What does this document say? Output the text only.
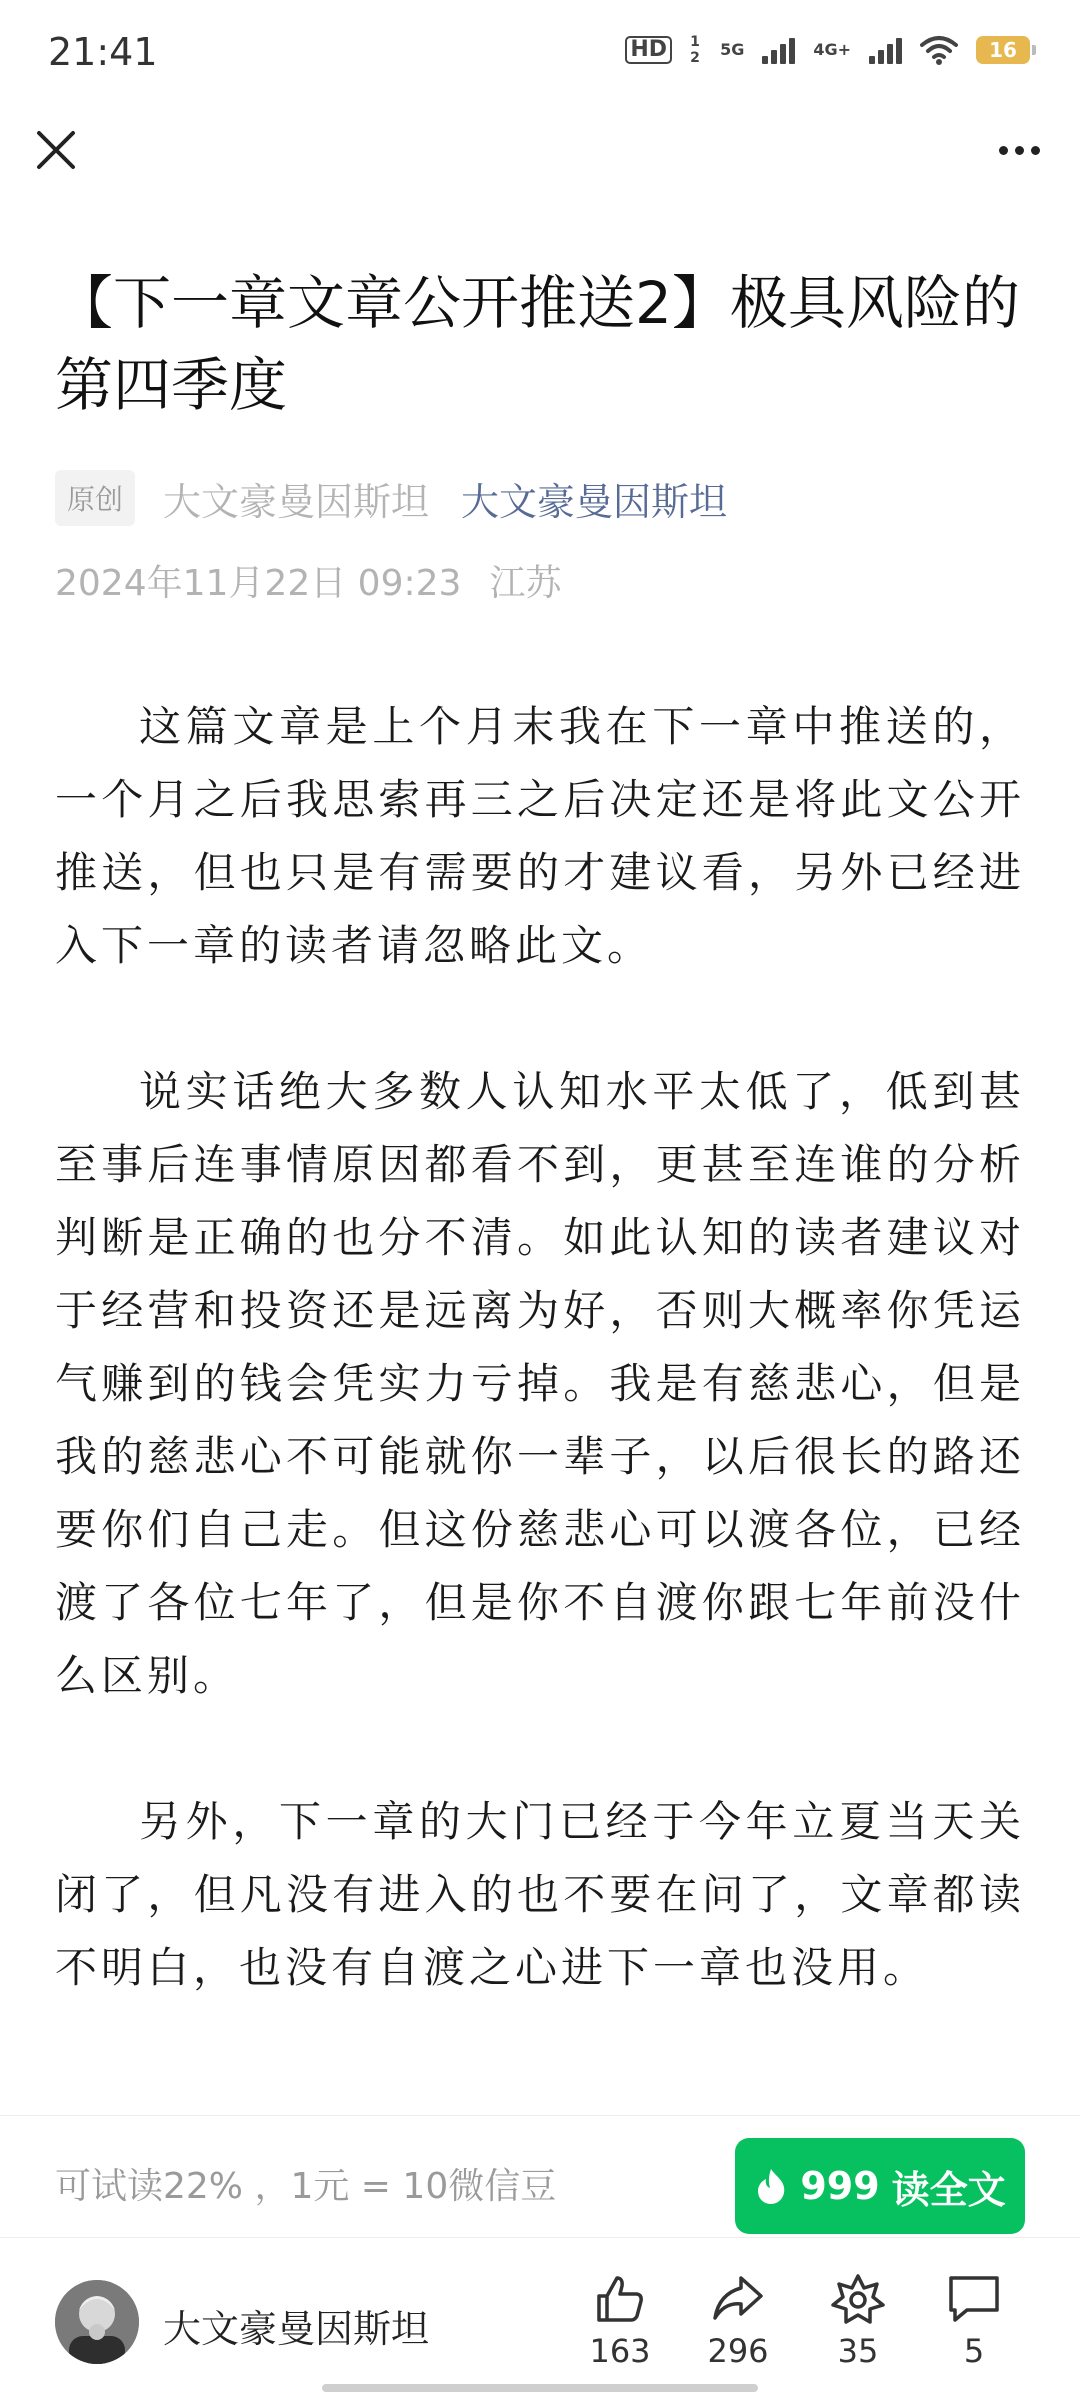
21:41	HD	1 2 5G	4G+	16
【下一章文章公开推送2】极具风险的第四季度
原创	大文豪曼因斯坦 大文豪曼因斯坦
2024年11月22日 09:23 江苏

这篇文章是上个月末我在下一章中推送的，一个月之后我思索再三之后决定还是将此文公开推送，但也只是有需要的才建议看，另外已经进入下一章的读者请忽略此文。

说实话绝大多数人认知水平太低了，低到甚至事后连事情原因都看不到，更甚至连谁的分析判断是正确的也分不清。如此认知的读者建议对于经营和投资还是远离为好，否则大概率你凭运气赚到的钱会凭实力亏掉。我是有慈悲心，但是我的慈悲心不可能就你一辈子，以后很长的路还要你们自己走。但这份慈悲心可以渡各位，已经渡了各位七年了，但是你不自渡你跟七年前没什么区别。

另外，下一章的大门已经于今年立夏当天关闭了，但凡没有进入的也不要在问了，文章都读不明白，也没有自渡之心进下一章也没用。

可试读22% ，1元 = 10微信豆	999 读全文
大文豪曼因斯坦	163 296 35	5
